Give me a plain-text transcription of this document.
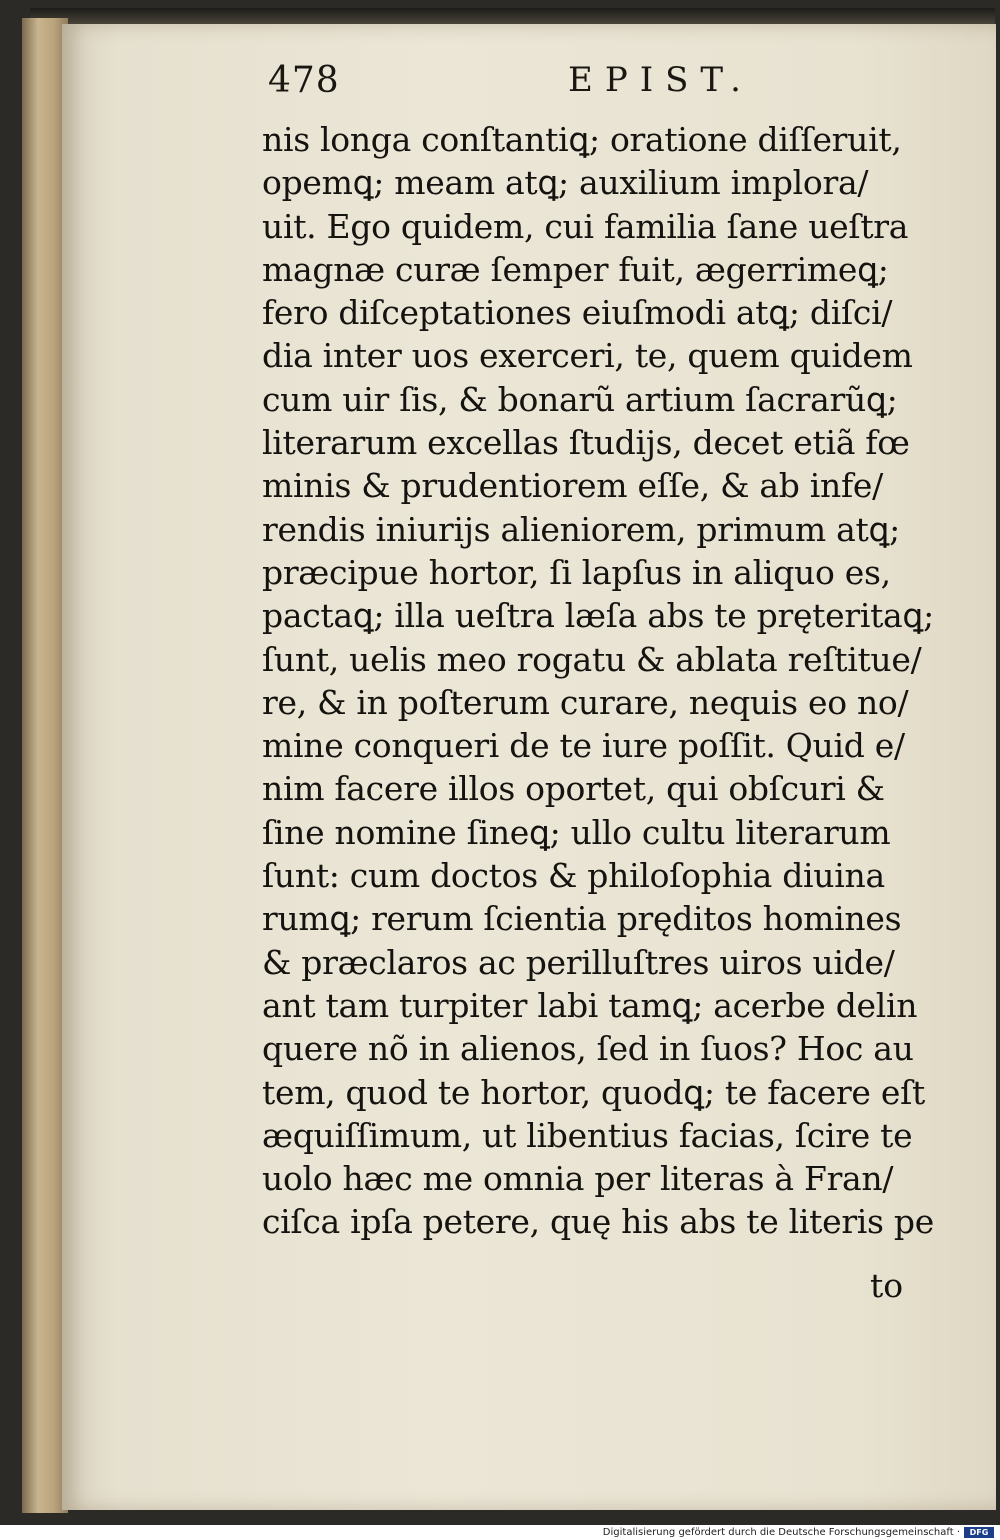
478	EPIST.
nis longa conſtantiꝗ; oratione diſſeruit,
opemꝗ; meam atꝗ; auxilium implora/
uit. Ego quidem, cui familia ſane ueſtra
magnæ curæ ſemper fuit, ægerrimeꝗ;
fero diſceptationes eiuſmodi atꝗ; diſci/
dia inter uos exerceri, te, quem quidem
cum uir ſis, & bonarũ artium ſacrarũꝗ;
literarum excellas ſtudijs, decet etiã fœ
minis & prudentiorem eſſe, & ab infe/
rendis iniurijs alieniorem, primum atꝗ;
præcipue hortor, ſi lapſus in aliquo es,
pactaꝗ; illa ueſtra læſa abs te pręteritaꝗ;
ſunt, uelis meo rogatu & ablata reſtitue/
re, & in poſterum curare, nequis eo no/
mine conqueri de te iure poſſit. Quid e/
nim facere illos oportet, qui obſcuri &
ſine nomine ſineꝗ; ullo cultu literarum
ſunt: cum doctos & philoſophia diuina
rumꝗ; rerum ſcientia pręditos homines
& præclaros ac perilluſtres uiros uide/
ant tam turpiter labi tamꝗ; acerbe delin
quere nõ in alienos, ſed in ſuos? Hoc au
tem, quod te hortor, quodꝗ; te facere eſt
æquiſſimum, ut libentius facias, ſcire te
uolo hæc me omnia per literas à Fran/
ciſca ipſa petere, quę his abs te literis pe
to
Digitalisierung gefördert durch die Deutsche Forschungsgemeinschaft ·	DFG
